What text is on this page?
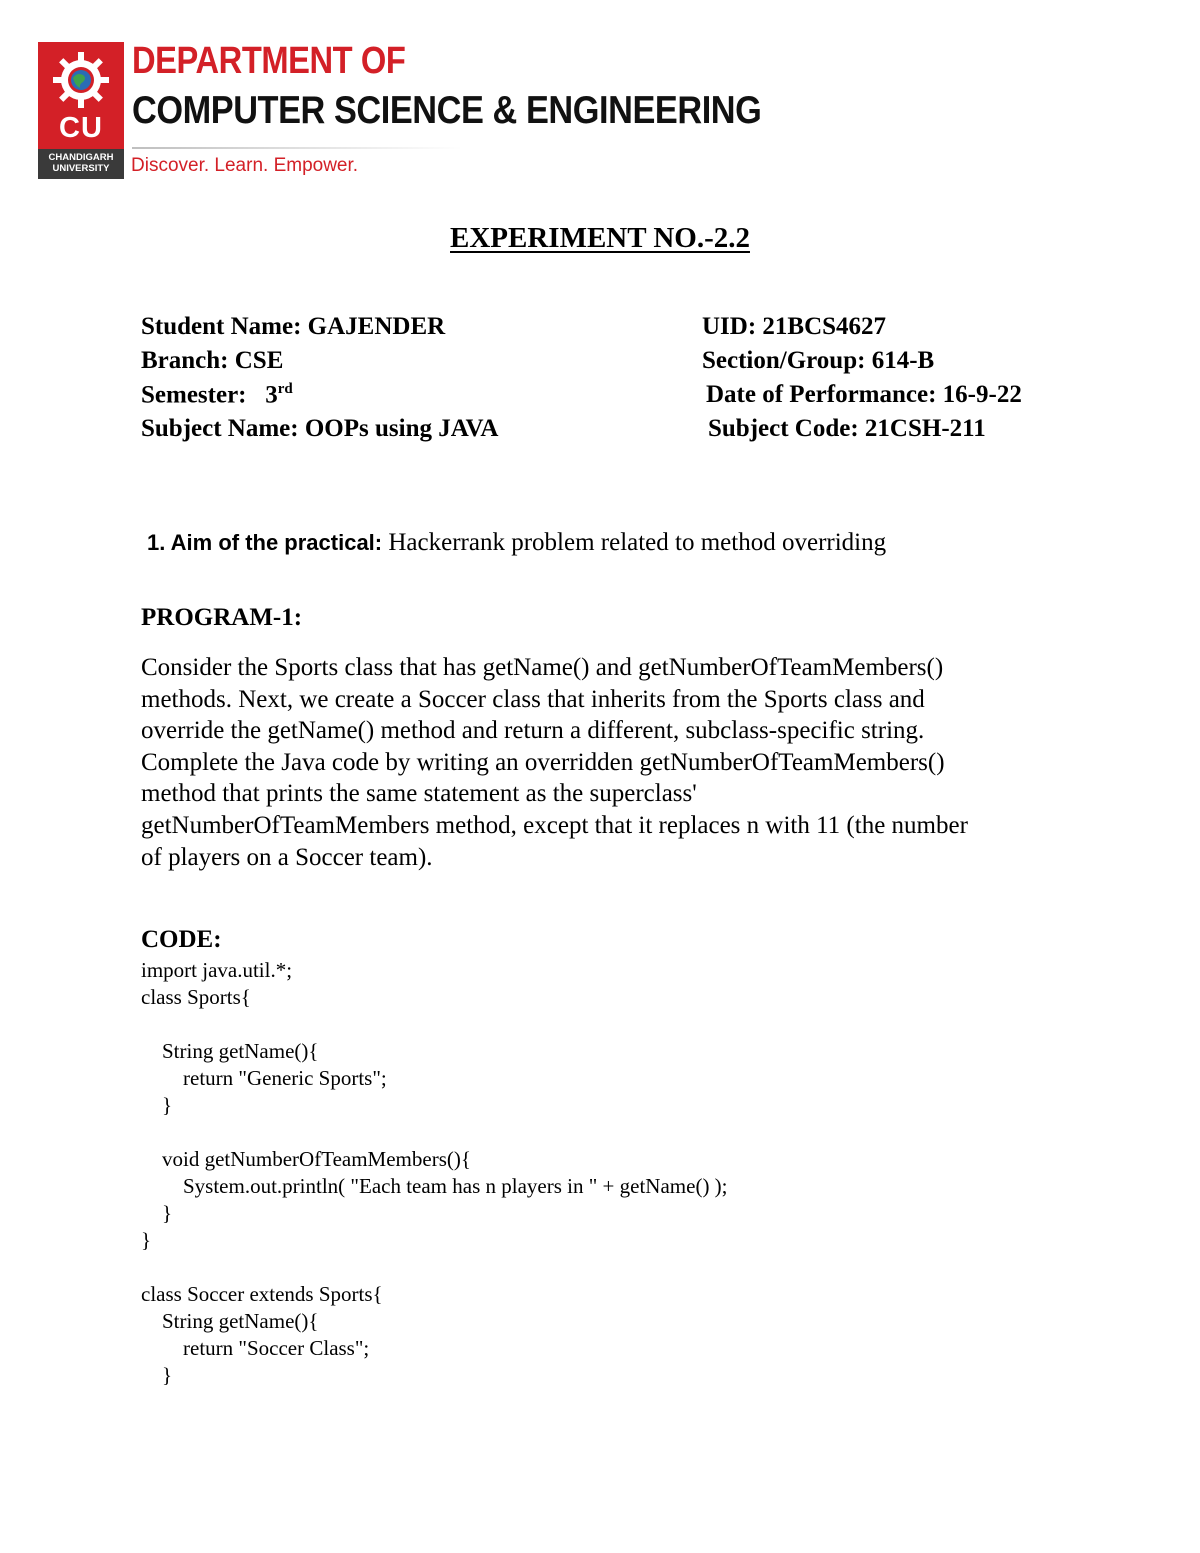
CU
CHANDIGARH
UNIVERSITY
DEPARTMENT OF
COMPUTER SCIENCE & ENGINEERING
Discover. Learn. Empower.
EXPERIMENT NO.-2.2
Student Name: GAJENDER	UID: 21BCS4627
Branch: CSE	Section/Group: 614-B
Semester: 3rd	Date of Performance: 16-9-22
Subject Name: OOPs using JAVA	Subject Code: 21CSH-211
1. Aim of the practical: Hackerrank problem related to method overriding
PROGRAM-1:
Consider the Sports class that has getName() and getNumberOfTeamMembers()
methods. Next, we create a Soccer class that inherits from the Sports class and
override the getName() method and return a different, subclass-specific string.
Complete the Java code by writing an overridden getNumberOfTeamMembers()
method that prints the same statement as the superclass'
getNumberOfTeamMembers method, except that it replaces n with 11 (the number
of players on a Soccer team).
CODE:
import java.util.*;
class Sports{
String getName(){
return "Generic Sports";
}
void getNumberOfTeamMembers(){
System.out.println( "Each team has n players in " + getName() );
}
}
class Soccer extends Sports{
String getName(){
return "Soccer Class";
}
